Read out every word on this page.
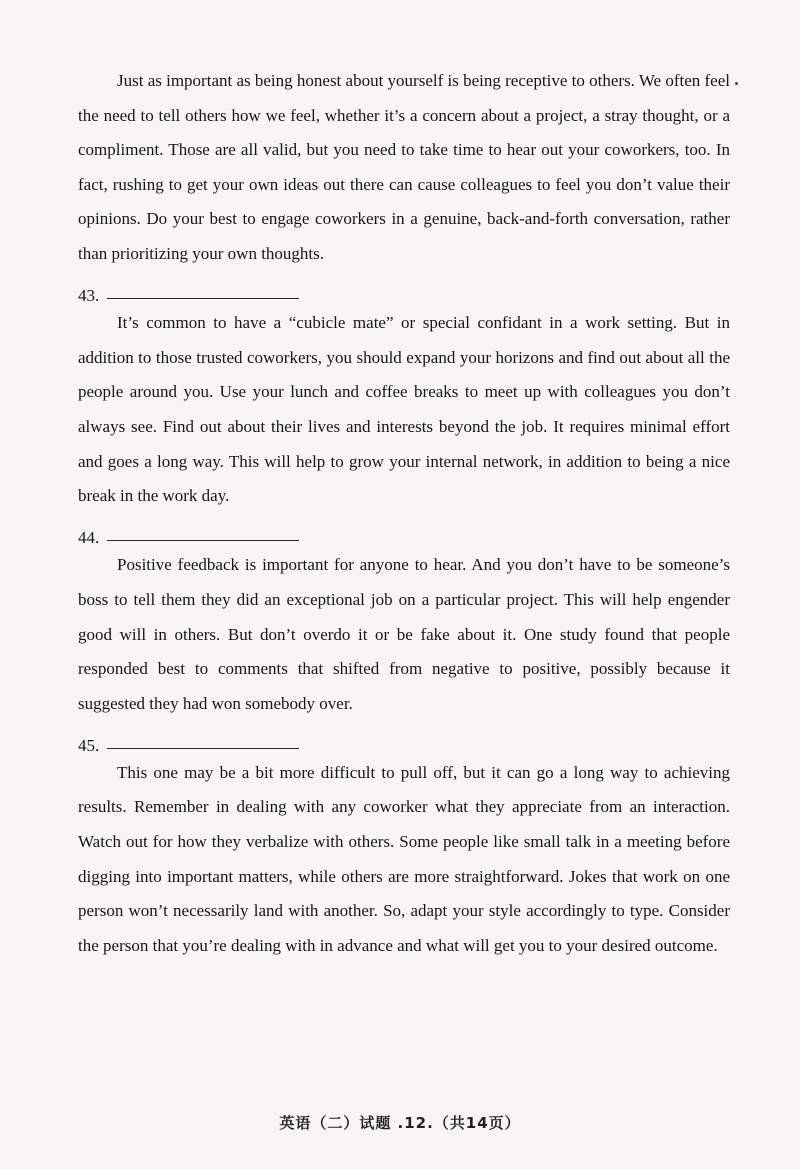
Just as important as being honest about yourself is being receptive to others. We often feel the need to tell others how we feel, whether it’s a concern about a project, a stray thought, or a compliment. Those are all valid, but you need to take time to hear out your coworkers, too. In fact, rushing to get your own ideas out there can cause colleagues to feel you don’t value their opinions. Do your best to engage coworkers in a genuine, back-and-forth conversation, rather than prioritizing your own thoughts.

43.

It’s common to have a “cubicle mate” or special confidant in a work setting. But in addition to those trusted coworkers, you should expand your horizons and find out about all the people around you. Use your lunch and coffee breaks to meet up with colleagues you don’t always see. Find out about their lives and interests beyond the job. It requires minimal effort and goes a long way. This will help to grow your internal network, in addition to being a nice break in the work day.

44.

Positive feedback is important for anyone to hear. And you don’t have to be someone’s boss to tell them they did an exceptional job on a particular project. This will help engender good will in others. But don’t overdo it or be fake about it. One study found that people responded best to comments that shifted from negative to positive, possibly because it suggested they had won somebody over.

45.

This one may be a bit more difficult to pull off, but it can go a long way to achieving results. Remember in dealing with any coworker what they appreciate from an interaction. Watch out for how they verbalize with others. Some people like small talk in a meeting before digging into important matters, while others are more straightforward. Jokes that work on one person won’t necessarily land with another. So, adapt your style accordingly to type. Consider the person that you’re dealing with in advance and what will get you to your desired outcome.

英语（二）试题 .12.（共14页）
